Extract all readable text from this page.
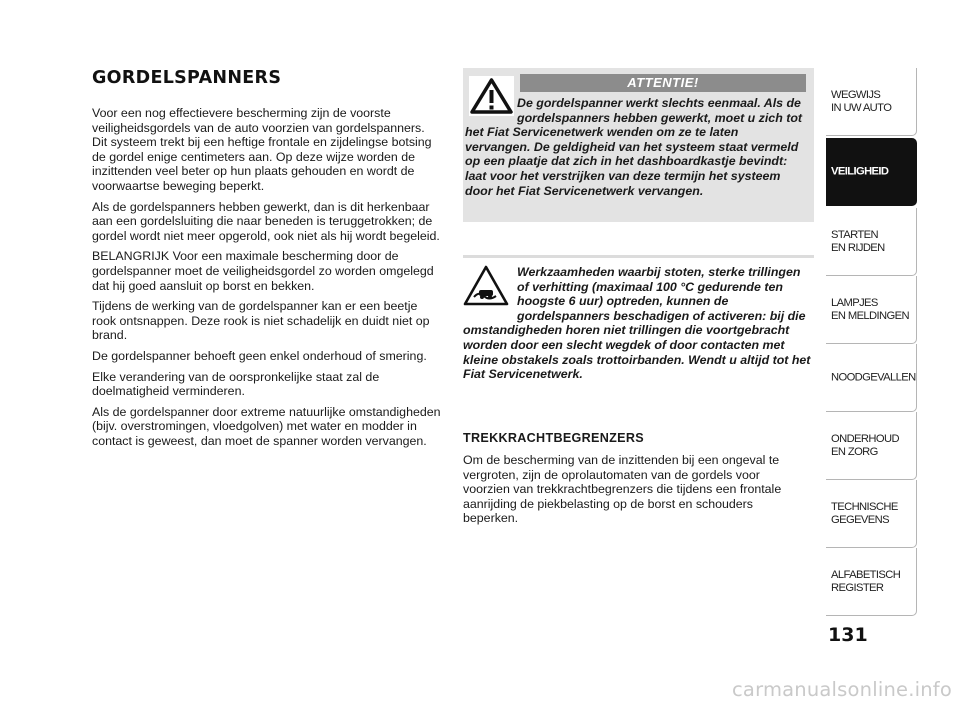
GORDELSPANNERS

Voor een nog effectievere bescherming zijn de voorste veiligheidsgordels van de auto voorzien van gordelspanners. Dit systeem trekt bij een heftige frontale en zijdelingse botsing de gordel enige centimeters aan. Op deze wijze worden de inzittenden veel beter op hun plaats gehouden en wordt de voorwaartse beweging beperkt.

Als de gordelspanners hebben gewerkt, dan is dit herkenbaar aan een gordelsluiting die naar beneden is teruggetrokken; de gordel wordt niet meer opgerold, ook niet als hij wordt begeleid.

BELANGRIJK Voor een maximale bescherming door de gordelspanner moet de veiligheidsgordel zo worden omgelegd dat hij goed aansluit op borst en bekken.

Tijdens de werking van de gordelspanner kan er een beetje rook ontsnappen. Deze rook is niet schadelijk en duidt niet op brand.

De gordelspanner behoeft geen enkel onderhoud of smering.

Elke verandering van de oorspronkelijke staat zal de doelmatigheid verminderen.

Als de gordelspanner door extreme natuurlijke omstandigheden (bijv. overstromingen, vloedgolven) met water en modder in contact is geweest, dan moet de spanner worden vervangen.

ATTENTIE!

De gordelspanner werkt slechts eenmaal. Als de gordelspanners hebben gewerkt, moet u zich tot het Fiat Servicenetwerk wenden om ze te laten vervangen. De geldigheid van het systeem staat vermeld op een plaatje dat zich in het dashboardkastje bevindt: laat voor het verstrijken van deze termijn het systeem door het Fiat Servicenetwerk vervangen.

Werkzaamheden waarbij stoten, sterke trillingen of verhitting (maximaal 100 °C gedurende ten hoogste 6 uur) optreden, kunnen de gordelspanners beschadigen of activeren: bij die omstandigheden horen niet trillingen die voortgebracht worden door een slecht wegdek of door contacten met kleine obstakels zoals trottoirbanden. Wendt u altijd tot het Fiat Servicenetwerk.

TREKKRACHTBEGRENZERS

Om de bescherming van de inzittenden bij een ongeval te vergroten, zijn de oprolautomaten van de gordels voor voorzien van trekkrachtbegrenzers die tijdens een frontale aanrijding de piekbelasting op de borst en schouders beperken.

WEGWIJS
IN UW AUTO
VEILIGHEID
STARTEN
EN RIJDEN
LAMPJES
EN MELDINGEN
NOODGEVALLEN
ONDERHOUD
EN ZORG
TECHNISCHE
GEGEVENS
ALFABETISCH
REGISTER
131
carmanualsonline.info
